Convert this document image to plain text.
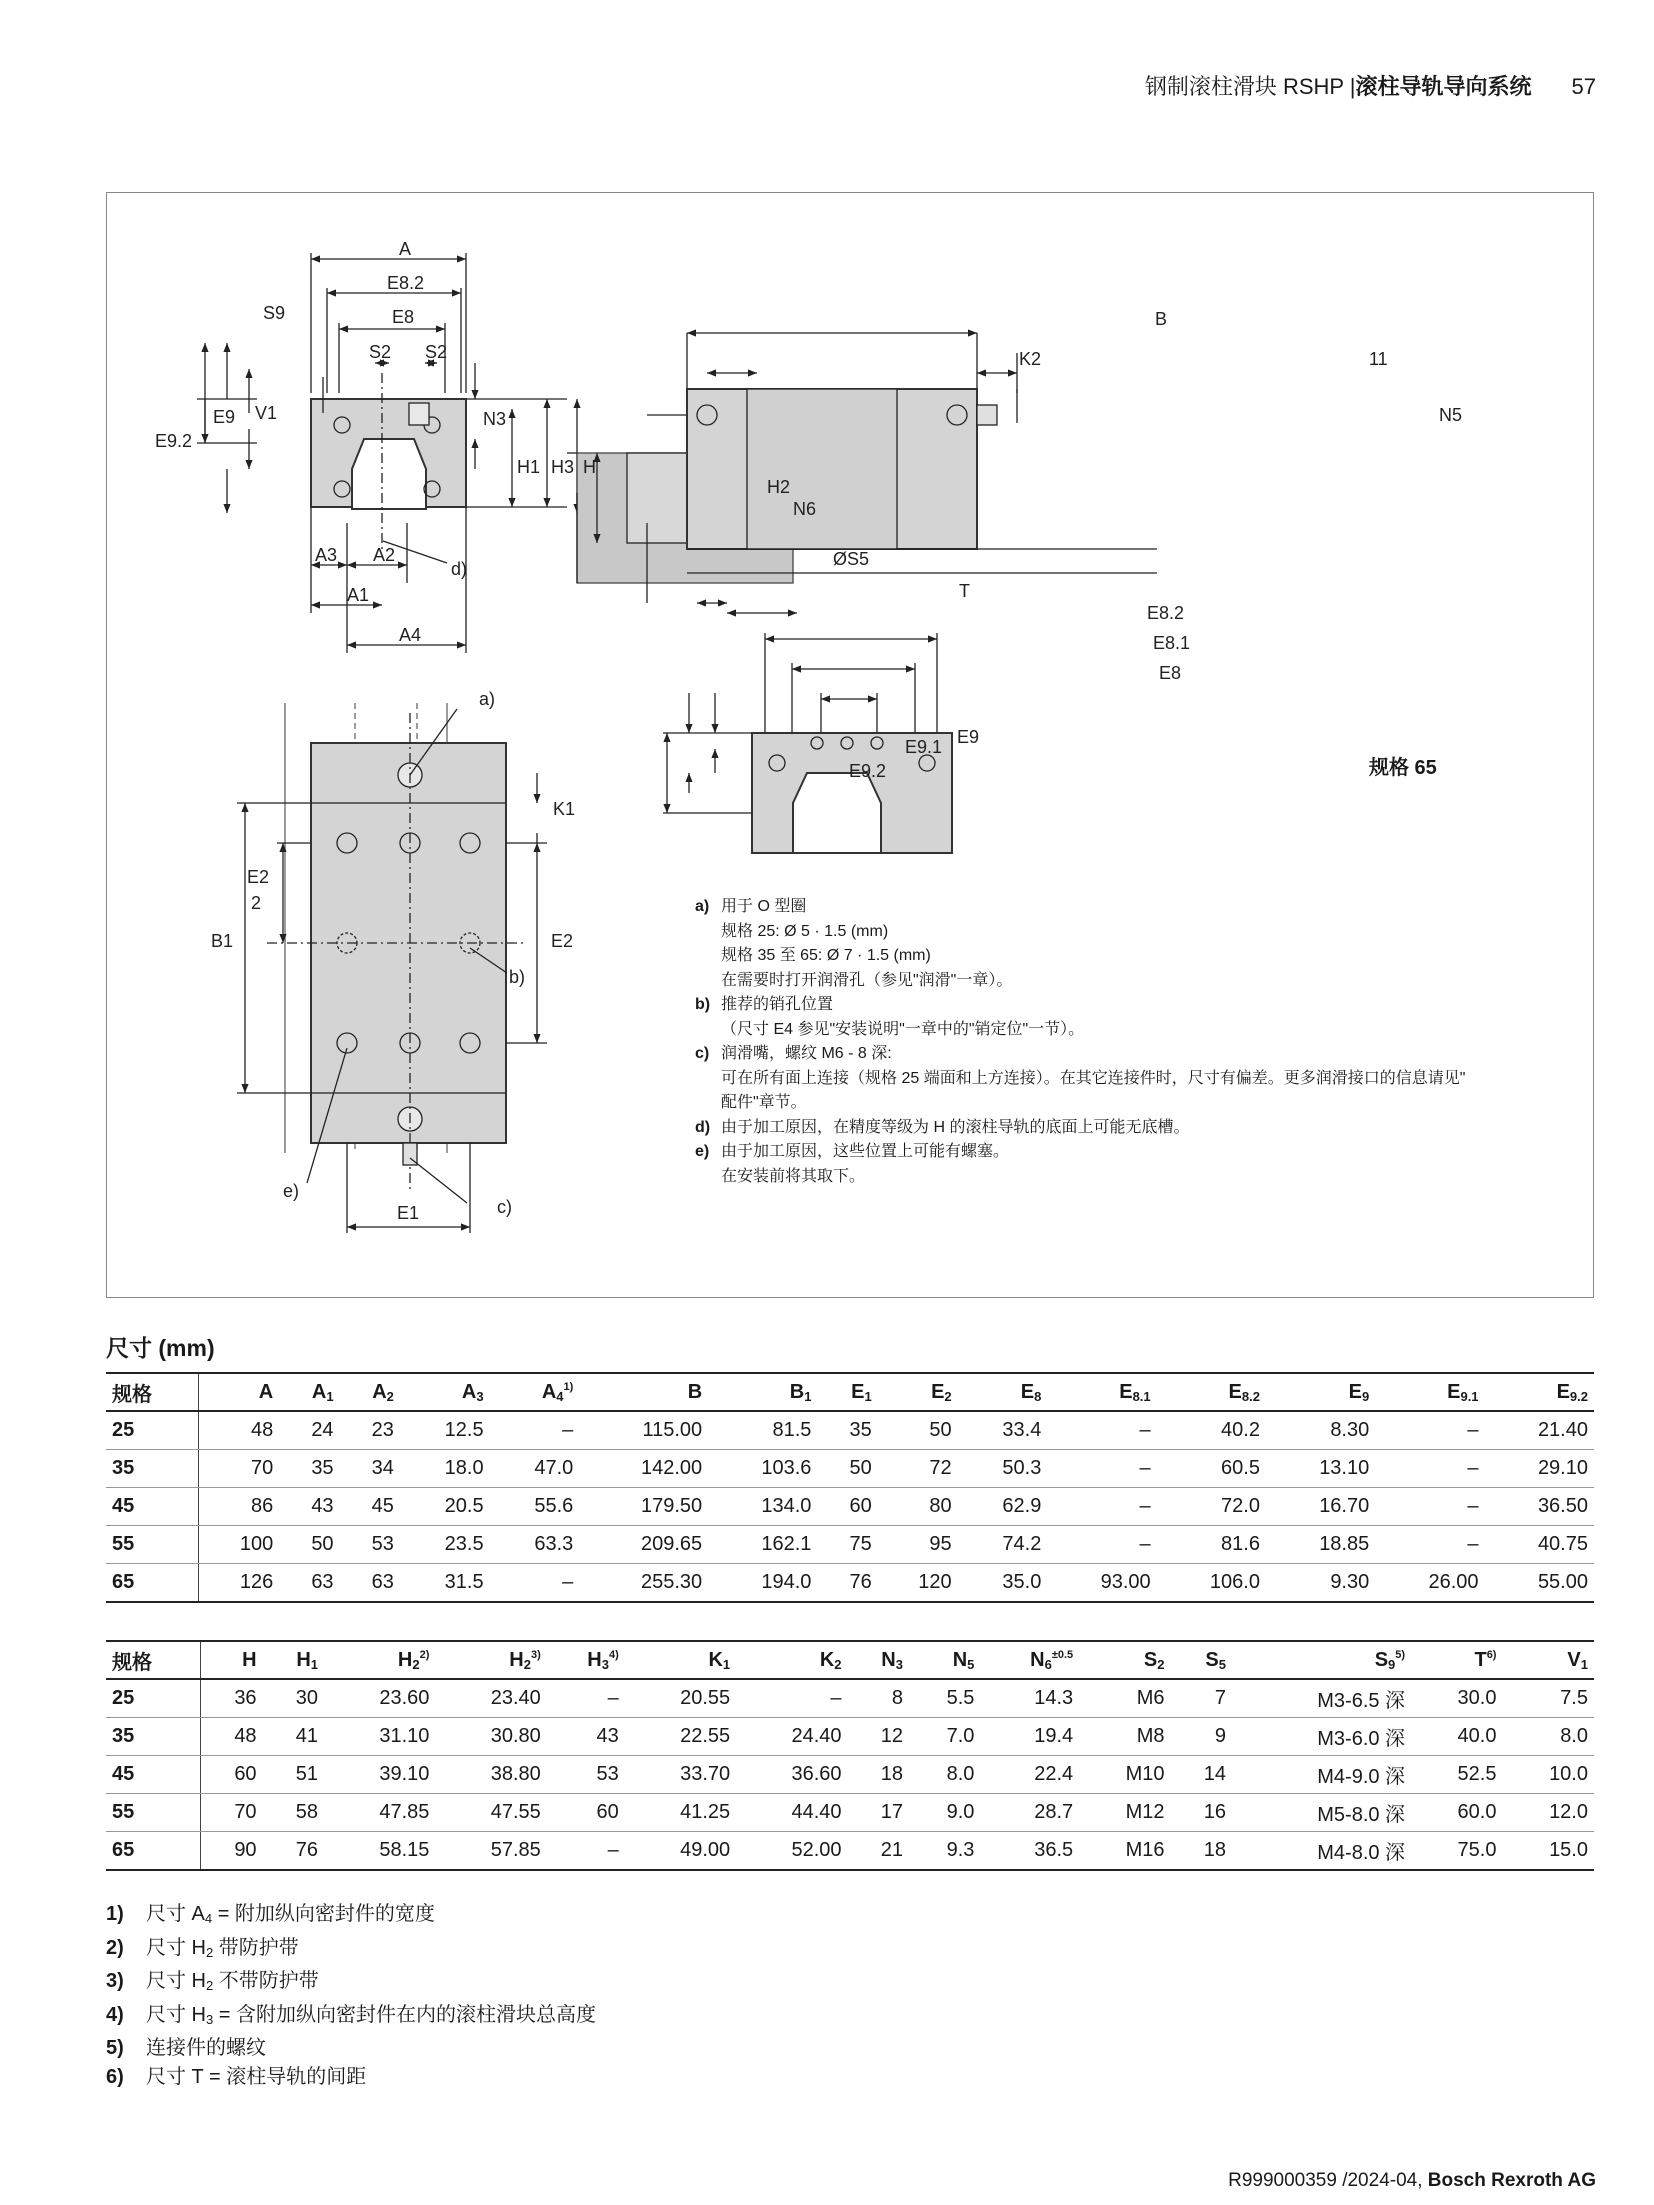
钢制滚柱滑块 RSHP |滚柱导轨导向系统 57
A
E8.2
E8
S9
S2 S2
V1
E9
E9.2
N3
H1 H3 H
A3 A2
A1
A4
d)
B
K2	11
N5
H2
N6
ØS5
T
E8.2
E8.1
E8
E9
E9.1
E9.2
a)
K1
E2
2
B1	E2
b)
e)
c)
E1
规格 65
a) 用于 O 型圈
规格 25: Ø 5 · 1.5 (mm)
规格 35 至 65: Ø 7 · 1.5 (mm)
在需要时打开润滑孔（参见"润滑"一章）。
b) 推荐的销孔位置
（尺寸 E4 参见"安装说明"一章中的"销定位"一节）。
c) 润滑嘴，螺纹 M6 - 8 深:
可在所有面上连接（规格 25 端面和上方连接）。在其它连接件时，尺寸有偏差。更多润滑接口的信息请见"
配件"章节。
d) 由于加工原因，在精度等级为 H 的滚柱导轨的底面上可能无底槽。
e) 由于加工原因，这些位置上可能有螺塞。
在安装前将其取下。
尺寸 (mm)
规格	A	$A_1$	$A_2$	$A_3$	$A_4^{1)}$	B	$B_1$	$E_1$	$E_2$	$E_8$	$E_{8.1}$	$E_{8.2}$	$E_9$	$E_{9.1}$	$E_{9.2}$
25	48	24	23	12.5	–	115.00	81.5	35	50	33.4	–	40.2	8.30	–	21.40
35	70	35	34	18.0	47.0	142.00	103.6	50	72	50.3	–	60.5	13.10	–	29.10
45	86	43	45	20.5	55.6	179.50	134.0	60	80	62.9	–	72.0	16.70	–	36.50
55	100	50	53	23.5	63.3	209.65	162.1	75	95	74.2	–	81.6	18.85	–	40.75
65	126	63	63	31.5	–	255.30	194.0	76	120	35.0	93.00	106.0	9.30	26.00	55.00
规格	H	$H_1$	$H_2^{2)}$	$H_2^{3)}$	$H_3^{4)}$	$K_1$	$K_2$	$N_3$	$N_5$	$N_6^{\pm 0.5}$	$S_2$	$S_5$	$S_9^{5)}$	$T^{6)}$	$V_1$
25	36	30	23.60	23.40	–	20.55	–	8	5.5	14.3	M6	7	M3-6.5 深	30.0	7.5
35	48	41	31.10	30.80	43	22.55	24.40	12	7.0	19.4	M8	9	M3-6.0 深	40.0	8.0
45	60	51	39.10	38.80	53	33.70	36.60	18	8.0	22.4	M10	14	M4-9.0 深	52.5	10.0
55	70	58	47.85	47.55	60	41.25	44.40	17	9.0	28.7	M12	16	M5-8.0 深	60.0	12.0
65	90	76	58.15	57.85	–	49.00	52.00	21	9.3	36.5	M16	18	M4-8.0 深	75.0	15.0
1) 尺寸 $A_4$ = 附加纵向密封件的宽度
2) 尺寸 $H_2$ 带防护带
3) 尺寸 $H_2$ 不带防护带
4) 尺寸 $H_3$ = 含附加纵向密封件在内的滚柱滑块总高度
5) 连接件的螺纹
6) 尺寸 T = 滚柱导轨的间距
R999000359 /2024-04, Bosch Rexroth AG
